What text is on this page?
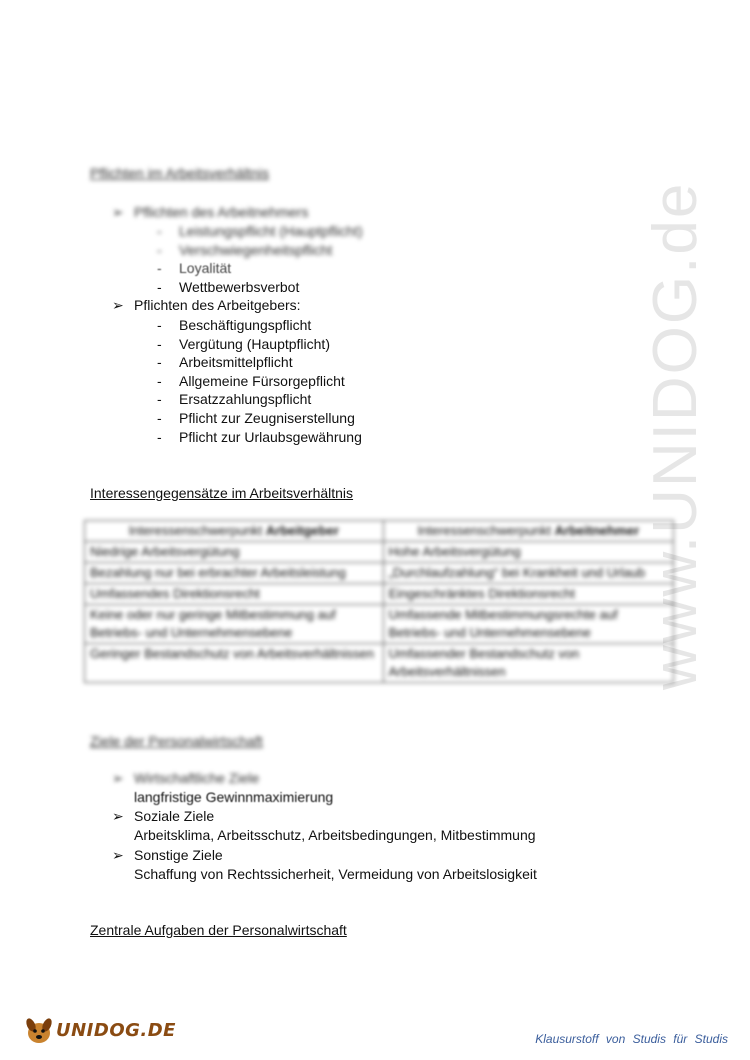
www.UNIDOG.de
Pflichten im Arbeitsverhältnis
➢ Pflichten des Arbeitnehmers
- Leistungspflicht (Hauptpflicht)
- Verschwiegenheitspflicht
- Loyalität
- Wettbewerbsverbot
➢ Pflichten des Arbeitgebers:
- Beschäftigungspflicht
- Vergütung (Hauptpflicht)
- Arbeitsmittelpflicht
- Allgemeine Fürsorgepflicht
- Ersatzzahlungspflicht
- Pflicht zur Zeugniserstellung
- Pflicht zur Urlaubsgewährung
Interessengegensätze im Arbeitsverhältnis
Interessenschwerpunkt Arbeitgeber	Interessenschwerpunkt Arbeitnehmer
Niedrige Arbeitsvergütung	Hohe Arbeitsvergütung
Bezahlung nur bei erbrachter Arbeitsleistung	„Durchlaufzahlung“ bei Krankheit und Urlaub
Umfassendes Direktionsrecht	Eingeschränktes Direktionsrecht
Keine oder nur geringe Mitbestimmung auf Betriebs- und Unternehmensebene	Umfassende Mitbestimmungsrechte auf Betriebs- und Unternehmensebene
Geringer Bestandschutz von Arbeitsverhältnissen	Umfassender Bestandschutz von Arbeitsverhältnissen
Ziele der Personalwirtschaft
➢ Wirtschaftliche Ziele
langfristige Gewinnmaximierung
➢ Soziale Ziele
Arbeitsklima, Arbeitsschutz, Arbeitsbedingungen, Mitbestimmung
➢ Sonstige Ziele
Schaffung von Rechtssicherheit, Vermeidung von Arbeitslosigkeit
Zentrale Aufgaben der Personalwirtschaft
UNIDOG.DE	Klausurstoff von Studis für Studis
